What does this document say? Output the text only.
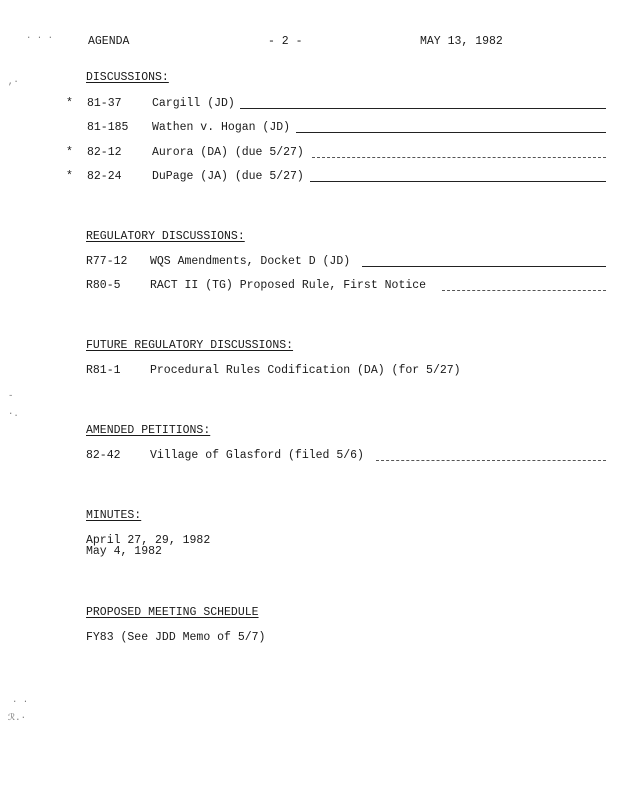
· · ·
,·
-
·.
· ·
ℛ.·
AGENDA	- 2 -	MAY 13, 1982
DISCUSSIONS:
* 81-37	Cargill (JD)
81-185 Wathen v. Hogan (JD)
* 82-12	Aurora (DA) (due 5/27)
* 82-24	DuPage (JA) (due 5/27)
REGULATORY DISCUSSIONS:
R77-12 WQS Amendments, Docket D (JD)
R80-5	RACT II (TG) Proposed Rule, First Notice
FUTURE REGULATORY DISCUSSIONS:
R81-1	Procedural Rules Codification (DA) (for 5/27)
AMENDED PETITIONS:
82-42	Village of Glasford (filed 5/6)
MINUTES:
April 27, 29, 1982
May 4, 1982
PROPOSED MEETING SCHEDULE
FY83 (See JDD Memo of 5/7)
